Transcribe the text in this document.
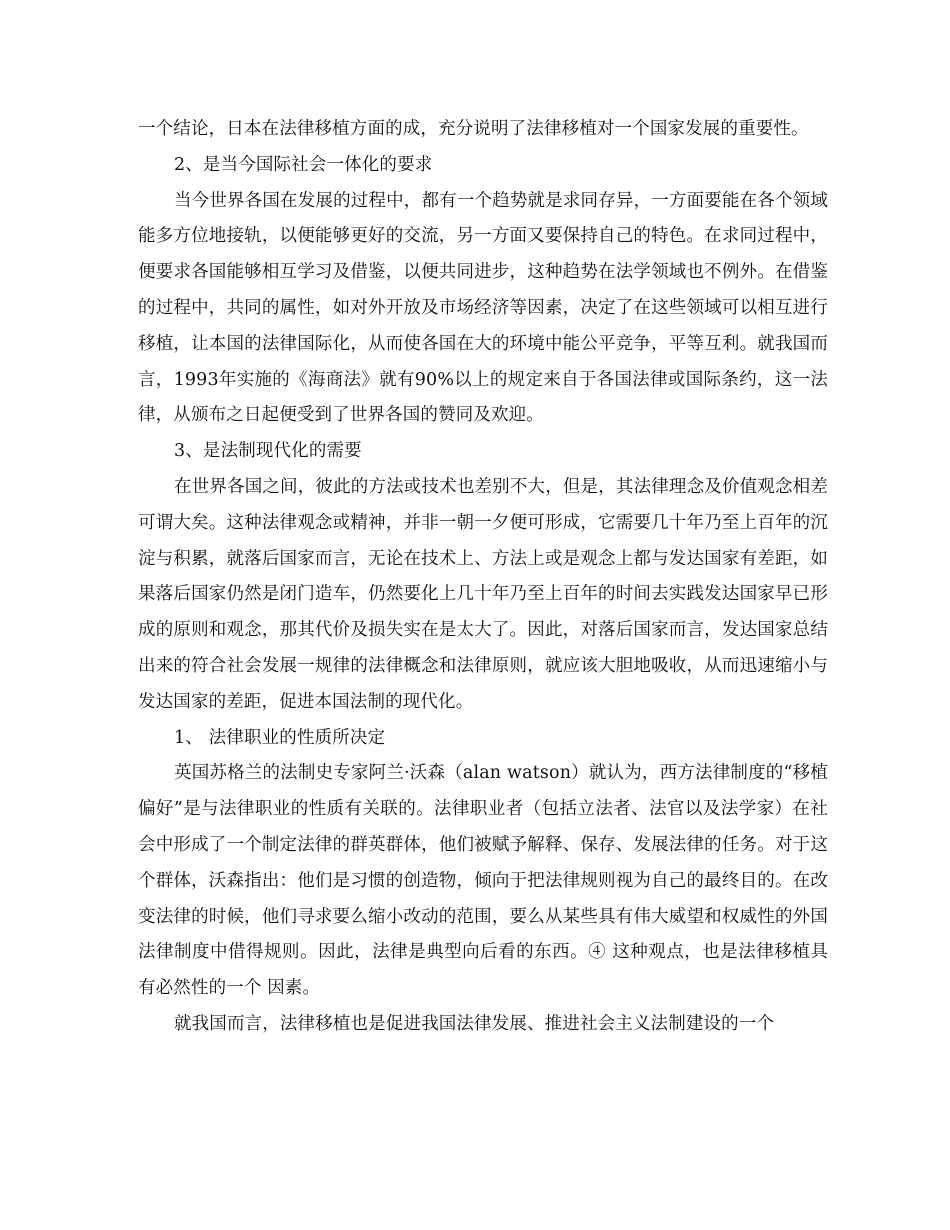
一个结论，日本在法律移植方面的成，充分说明了法律移植对一个国家发展的重要性。

2、是当今国际社会一体化的要求

当今世界各国在发展的过程中，都有一个趋势就是求同存异，一方面要能在各个领域能多方位地接轨，以便能够更好的交流，另一方面又要保持自己的特色。在求同过程中，便要求各国能够相互学习及借鉴，以便共同进步，这种趋势在法学领域也不例外。在借鉴的过程中，共同的属性，如对外开放及市场经济等因素，决定了在这些领域可以相互进行移植，让本国的法律国际化，从而使各国在大的环境中能公平竞争，平等互利。就我国而言，1993年实施的《海商法》就有90%以上的规定来自于各国法律或国际条约，这一法律，从颁布之日起便受到了世界各国的赞同及欢迎。

3、是法制现代化的需要

在世界各国之间，彼此的方法或技术也差别不大，但是，其法律理念及价值观念相差可谓大矣。这种法律观念或精神，并非一朝一夕便可形成，它需要几十年乃至上百年的沉淀与积累，就落后国家而言，无论在技术上、方法上或是观念上都与发达国家有差距，如果落后国家仍然是闭门造车，仍然要化上几十年乃至上百年的时间去实践发达国家早已形成的原则和观念，那其代价及损失实在是太大了。因此，对落后国家而言，发达国家总结出来的符合社会发展一规律的法律概念和法律原则，就应该大胆地吸收，从而迅速缩小与发达国家的差距，促进本国法制的现代化。

1、 法律职业的性质所决定

英国苏格兰的法制史专家阿兰·沃森（alan watson）就认为，西方法律制度的“移植偏好”是与法律职业的性质有关联的。法律职业者（包括立法者、法官以及法学家）在社会中形成了一个制定法律的群英群体，他们被赋予解释、保存、发展法律的任务。对于这个群体，沃森指出：他们是习惯的创造物，倾向于把法律规则视为自己的最终目的。在改变法律的时候，他们寻求要么缩小改动的范围，要么从某些具有伟大威望和权威性的外国法律制度中借得规则。因此，法律是典型向后看的东西。④ 这种观点，也是法律移植具有必然性的一个 因素。

就我国而言，法律移植也是促进我国法律发展、推进社会主义法制建设的一个
